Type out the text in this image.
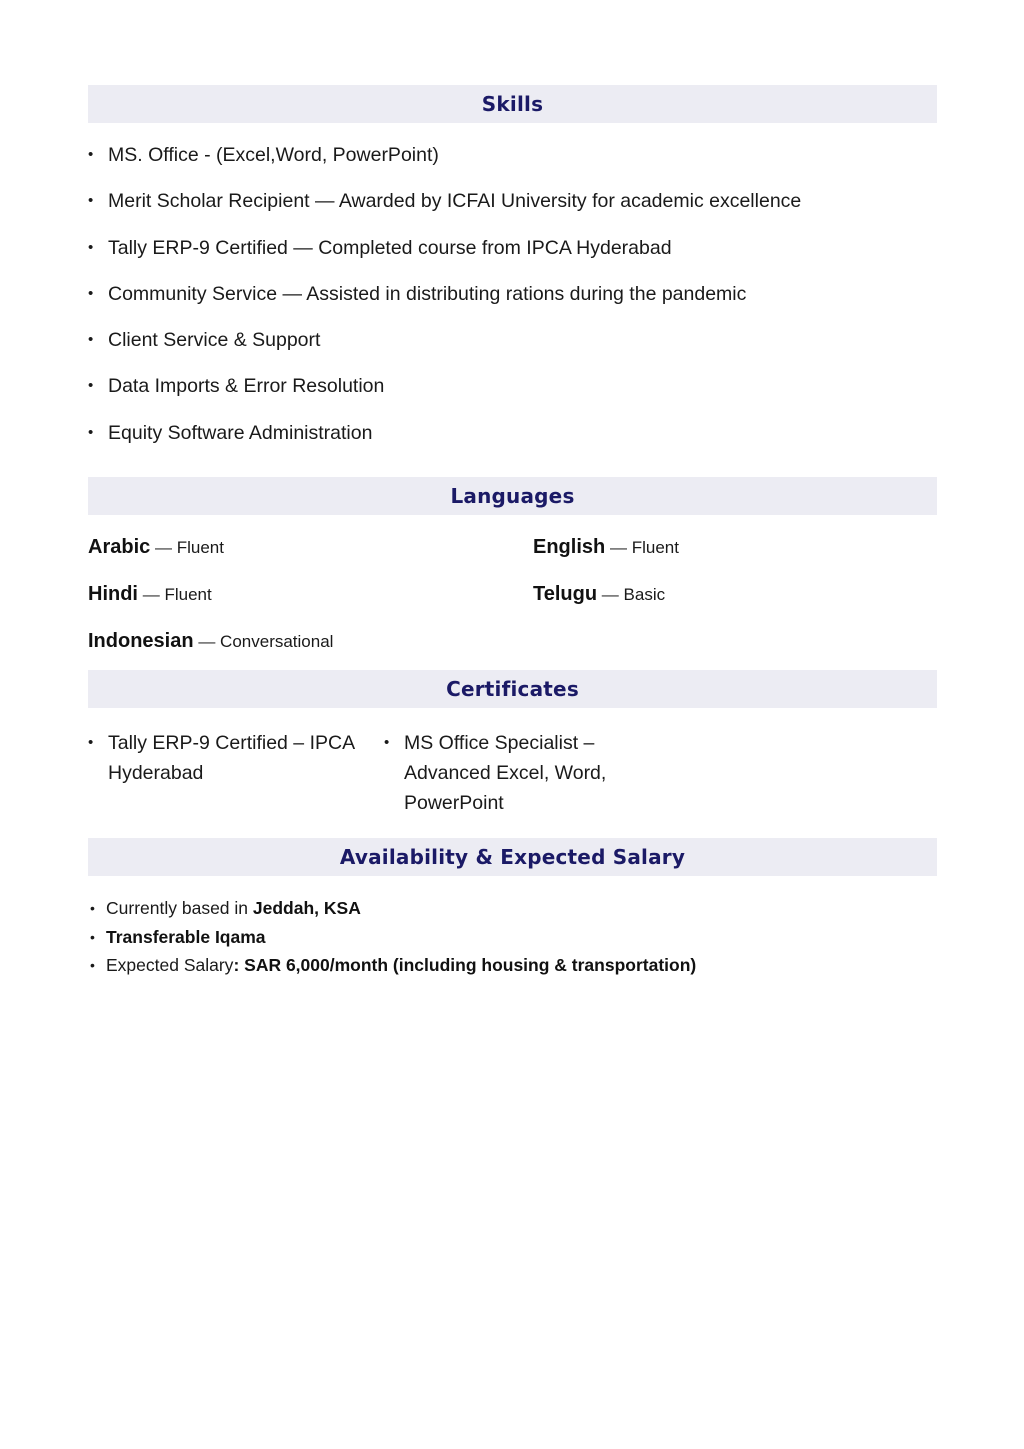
Skills
• MS. Office - (Excel,Word, PowerPoint)
• Merit Scholar Recipient — Awarded by ICFAI University for academic excellence
• Tally ERP-9 Certified — Completed course from IPCA Hyderabad
• Community Service — Assisted in distributing rations during the pandemic
• Client Service & Support
• Data Imports & Error Resolution
• Equity Software Administration
Languages
Arabic — Fluent	English — Fluent
Hindi — Fluent	Telugu — Basic
Indonesian — Conversational
Certificates
• Tally ERP-9 Certified – IPCA Hyderabad
• MS Office Specialist – Advanced Excel, Word, PowerPoint
Availability & Expected Salary
• Currently based in Jeddah, KSA
• Transferable Iqama
• Expected Salary: SAR 6,000/month (including housing & transportation)
